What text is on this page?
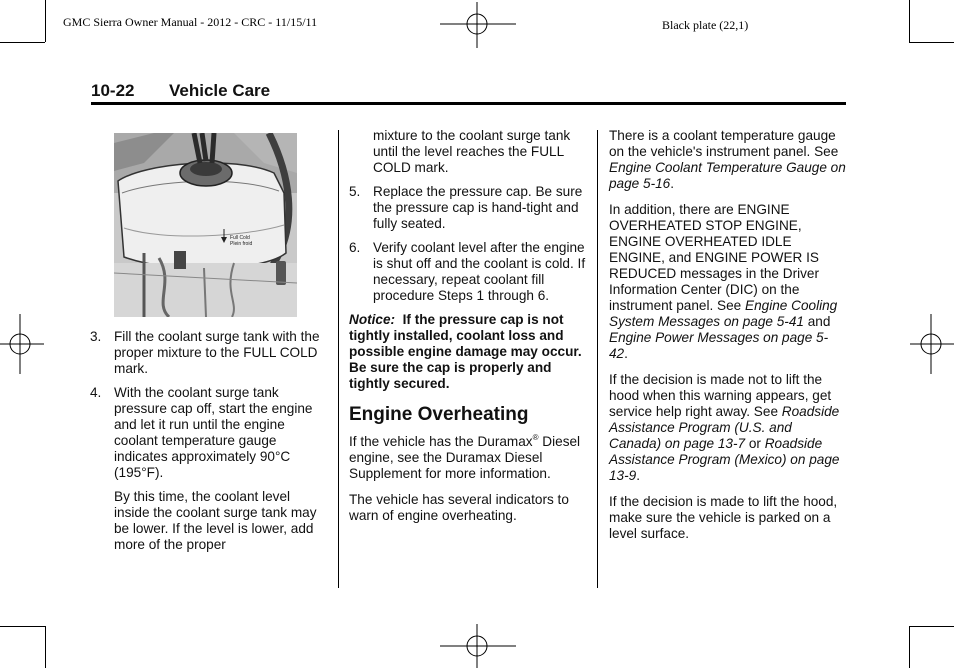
GMC Sierra Owner Manual - 2012 - CRC - 11/15/11	Black plate (22,1)
10-22 Vehicle Care
Full Cold
Plein froid
3. Fill the coolant surge tank with the proper mixture to the FULL COLD mark.
4. With the coolant surge tank pressure cap off, start the engine and let it run until the engine coolant temperature gauge indicates approximately 90°C (195°F).
By this time, the coolant level inside the coolant surge tank may be lower. If the level is lower, add more of the proper
mixture to the coolant surge tank until the level reaches the FULL COLD mark.
5. Replace the pressure cap. Be sure the pressure cap is hand-tight and fully seated.
6. Verify coolant level after the engine is shut off and the coolant is cold. If necessary, repeat coolant fill procedure Steps 1 through 6.

Notice: If the pressure cap is not tightly installed, coolant loss and possible engine damage may occur. Be sure the cap is properly and tightly secured.

Engine Overheating

If the vehicle has the Duramax® Diesel engine, see the Duramax Diesel Supplement for more information.

The vehicle has several indicators to warn of engine overheating.

There is a coolant temperature gauge on the vehicle's instrument panel. See Engine Coolant Temperature Gauge on page 5-16.

In addition, there are ENGINE OVERHEATED STOP ENGINE, ENGINE OVERHEATED IDLE ENGINE, and ENGINE POWER IS REDUCED messages in the Driver Information Center (DIC) on the instrument panel. See Engine Cooling System Messages on page 5-41 and Engine Power Messages on page 5-42.

If the decision is made not to lift the hood when this warning appears, get service help right away. See Roadside Assistance Program (U.S. and Canada) on page 13-7 or Roadside Assistance Program (Mexico) on page 13-9.

If the decision is made to lift the hood, make sure the vehicle is parked on a level surface.
